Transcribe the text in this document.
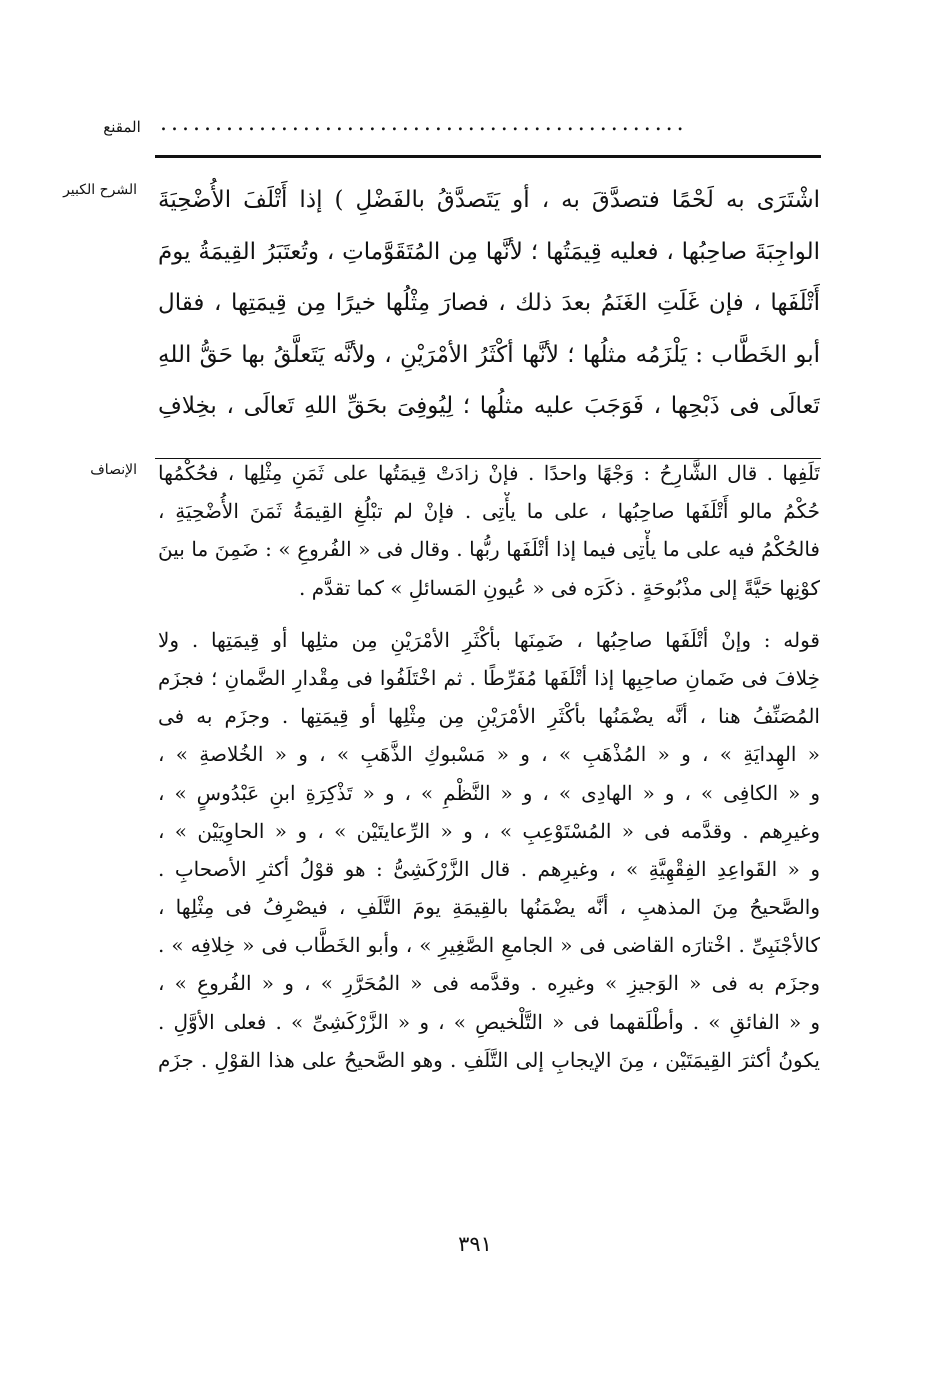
المقنع ................................................
الشرح الكبير اشْتَرَى به لَحْمًا فتصدَّقَ به ، أو يَتَصدَّقُ بالفَضْلِ ) إذا أَتْلَفَ الأُضْحِيَةَ
الواجِبَةَ صاحِبُها ، فعليه قِيمَتُها ؛ لأنَّها مِن المُتَقَوَّماتِ ، وتُعتَبَرُ القِيمَةُ يومَ
أَتْلَفَها ، فإن غَلَتِ الغَنَمُ بعدَ ذلك ، فصارَ مِثْلُها خيرًا مِن قِيمَتِها ، فقال
أبو الخَطَّاب : يَلْزَمُه مثلُها ؛ لأنَّها أكْثَرُ الأمْرَيْنِ ، ولأنَّه يَتَعلَّقُ بها حَقُّ اللهِ
تَعالَى فى ذَبْحِها ، فَوَجَبَ عليه مثلُها ؛ لِيُوفِىَ بحَقِّ اللهِ تَعالَى ، بخِلافِ
الإنصاف تَلَفِها . قال الشَّارِحُ : وَجْهًا واحدًا . فإنْ زادَتْ قِيمَتُها على ثَمَنِ مِثْلِها ، فحُكْمُها
حُكْمُ مالو أَتْلَفَها صاحِبُها ، على ما يأْتِى . فإنْ لم تبْلُغِ القِيمَةُ ثَمَنَ الأُضْحِيَةِ ،
فالحُكْمُ فيه على ما يأْتِى فيما إذا أتْلَفَها ربُّها . وقال فى « الفُروعِ » : ضَمِنَ ما بينَ
كوْنِها حَيَّةً إلى مذْبُوحَةٍ . ذكَرَه فى « عُيونِ المَسائلِ » كما تقدَّم .
قوله : وإنْ أتْلَفَها صاحِبُها ، ضَمِنَها بأكْثَرِ الأمْرَيْنِ مِن مثلِها أو قِيمَتِها . ولا
خِلافَ فى ضَمانِ صاحِبِها إذا أتْلَفَها مُفَرِّطًا . ثم اخْتَلَفُوا فى مِقْدارِ الضَّمانِ ؛ فجزَم
المُصَنِّفُ هنا ، أنَّه يضْمَنُها بأكْثَرِ الأمْرَيْنِ مِن مِثْلِها أو قِيمَتِها . وجزَم به فى
« الهِدايَةِ » ، و « المُذْهَبِ » ، و « مَسْبوكِ الذَّهَبِ » ، و « الخُلاصةِ » ،
و « الكافِى » ، و « الهادِى » ، و « النَّظْمِ » ، و « تَذْكِرَةِ ابنِ عَبْدُوسٍ » ،
وغيرِهم . وقدَّمه فى « المُسْتَوْعِبِ » ، و « الرِّعايتَيْن » ، و « الحاوِيَيْن » ،
و « القَواعِدِ الفِقْهِيَّةِ » ، وغيرِهم . قال الزَّرْكَشِىُّ : هو قوْلُ أكثرِ الأصحابِ .
والصَّحيحُ مِنَ المذهبِ ، أنَّه يضْمَنُها بالقِيمَةِ يومَ التَّلَفِ ، فيصْرِفُ فى مِثْلِها ،
كالأجْنَبِىِّ . اخْتارَه القاضى فى « الجامعِ الصَّغِيرِ » ، وأبو الخَطَّاب فى « خِلافِه » .
وجزَم به فى « الوَجيزِ » وغيرِه . وقدَّمه فى « المُحَرَّرِ » ، و « الفُروعِ » ،
و « الفائقِ » . وأطْلَقهما فى « التَّلْخيصِ » ، و « الزَّرْكَشِىِّ » . فعلى الأوَّلِ .
يكونُ أكثرَ القِيمَتَيْن ، مِنَ الإيجابِ إلى التَّلَفِ . وهو الصَّحيحُ على هذا القوْلِ . جزَم
٣٩١
